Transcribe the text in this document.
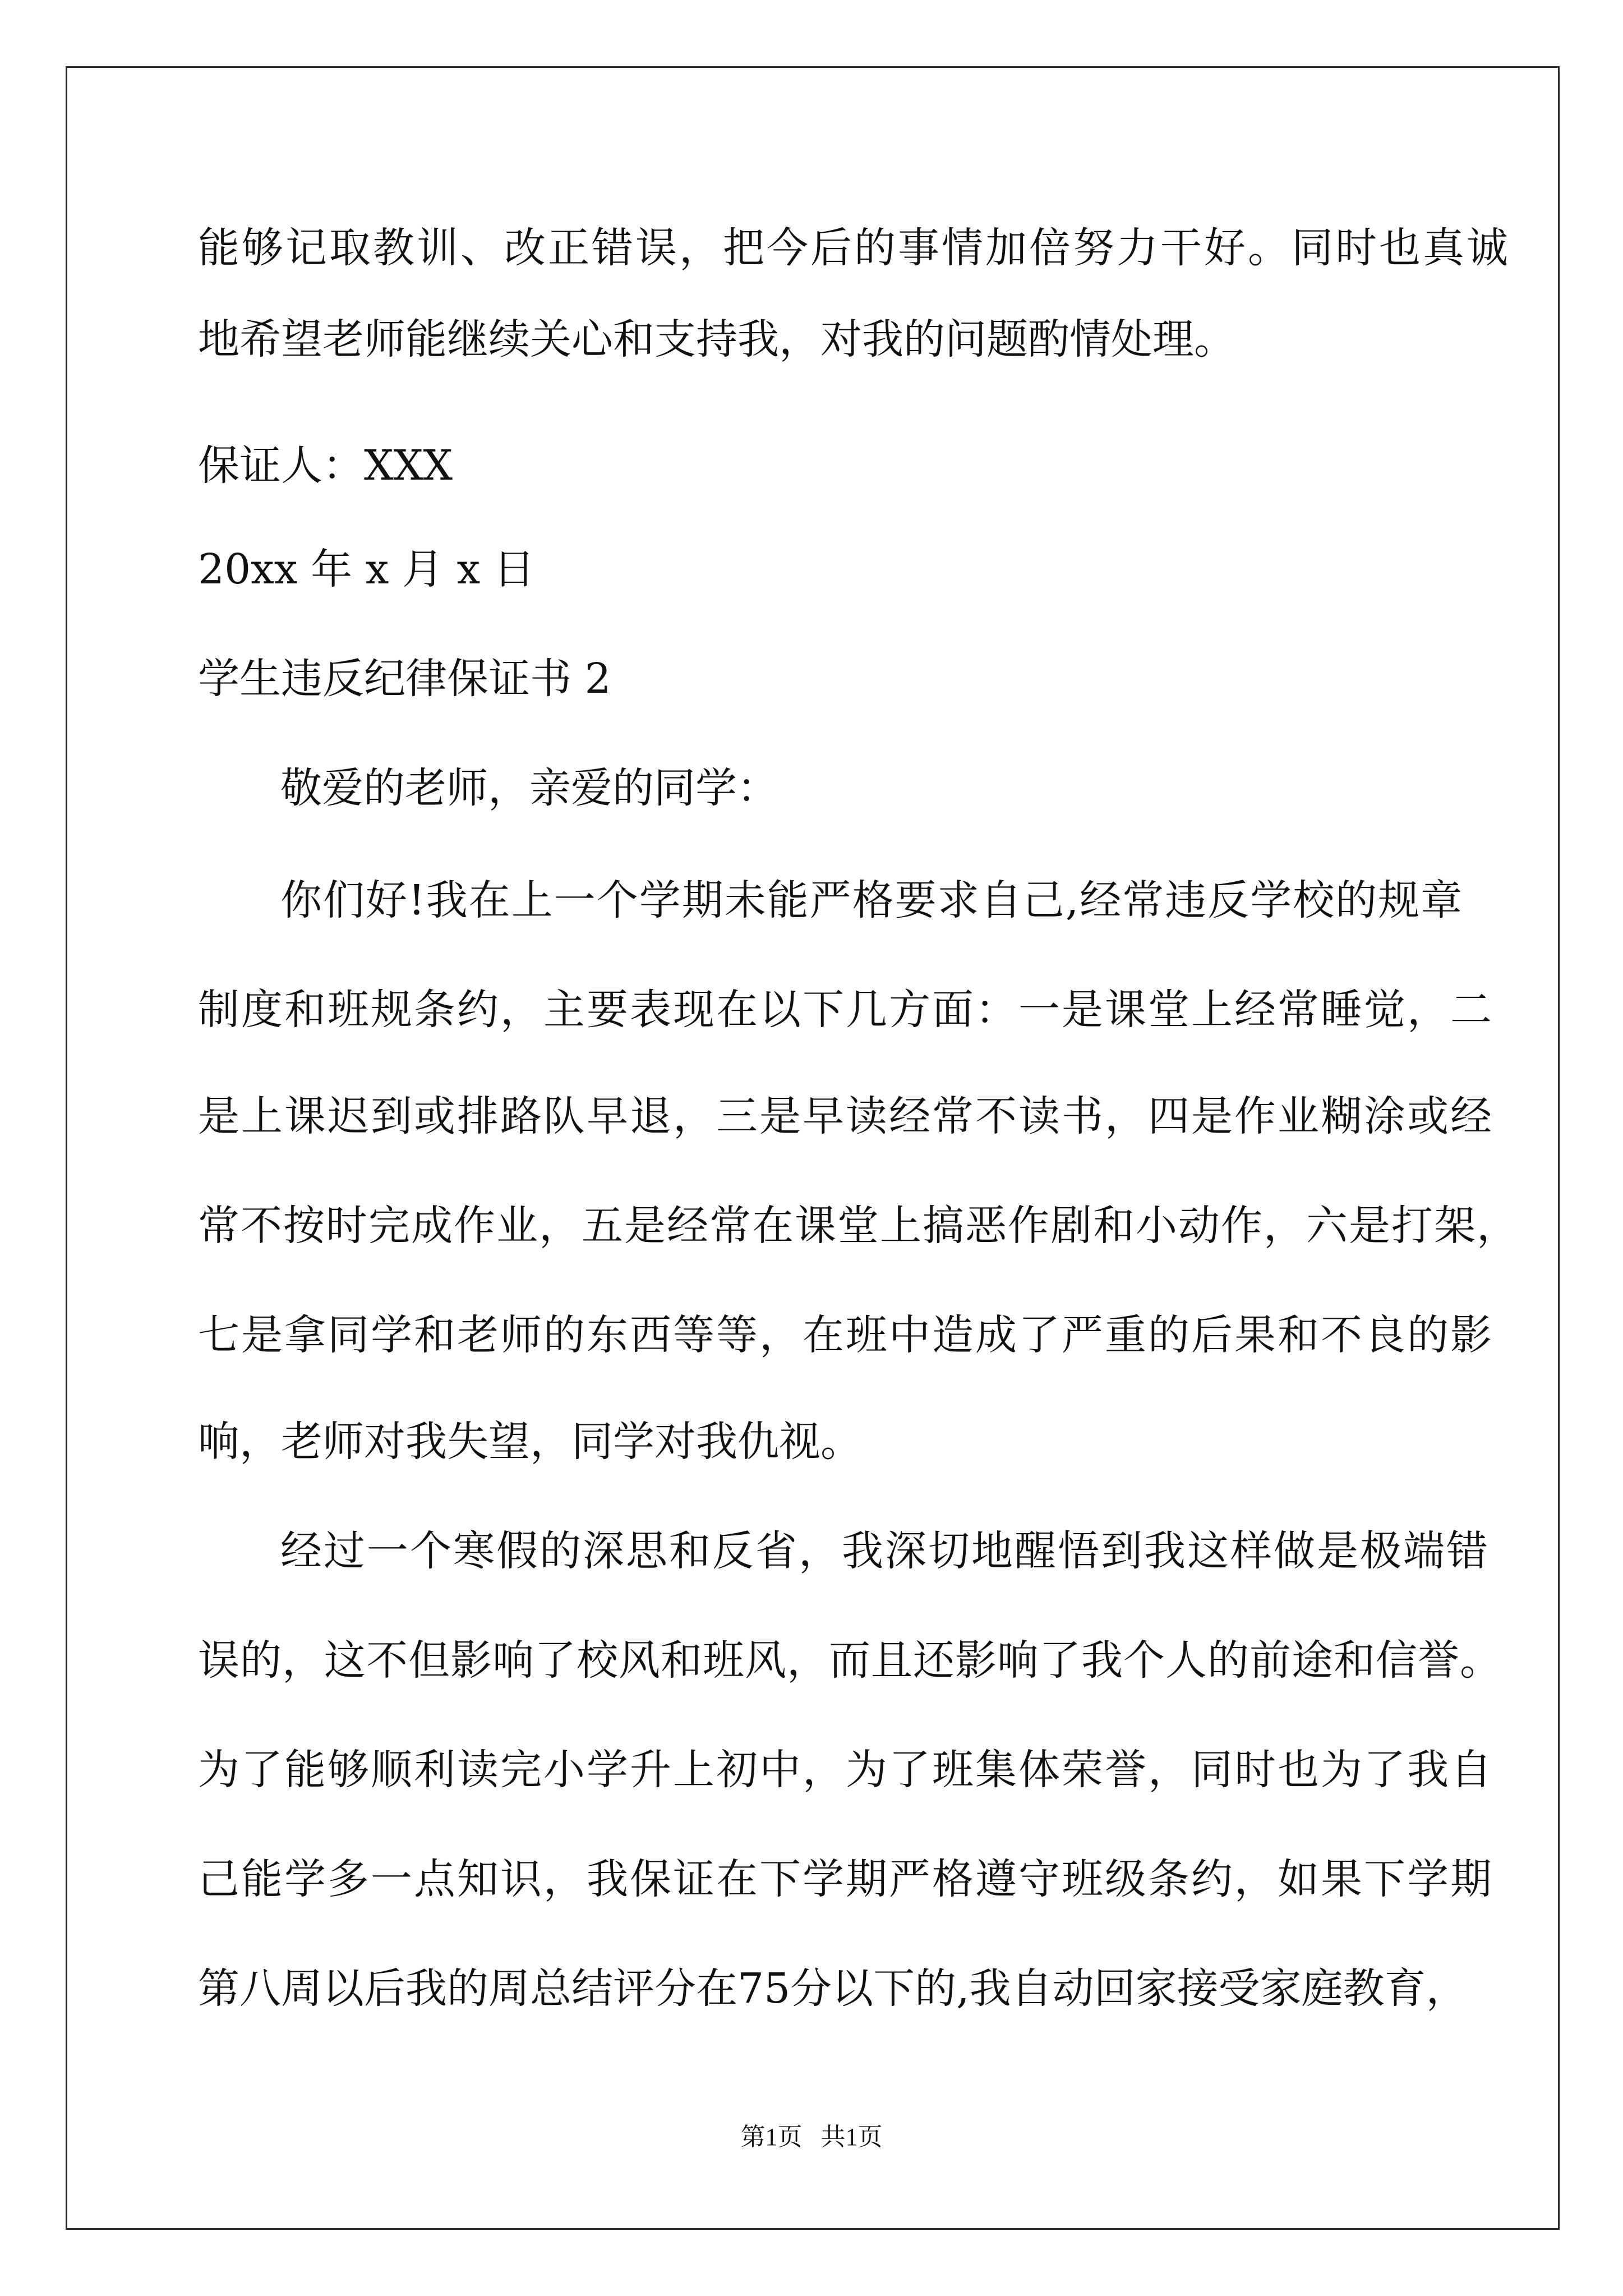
能够记取教训、改正错误，把今后的事情加倍努力干好。同时也真诚

地希望老师能继续关心和支持我，对我的问题酌情处理。

保证人：XXX

20xx 年 x 月 x 日

学生违反纪律保证书 2

敬爱的老师，亲爱的同学：

你们好!我在上一个学期未能严格要求自己,经常违反学校的规章

制度和班规条约，主要表现在以下几方面：一是课堂上经常睡觉，二

是上课迟到或排路队早退，三是早读经常不读书，四是作业糊涂或经

常不按时完成作业，五是经常在课堂上搞恶作剧和小动作，六是打架，

七是拿同学和老师的东西等等，在班中造成了严重的后果和不良的影

响，老师对我失望，同学对我仇视。

经过一个寒假的深思和反省，我深切地醒悟到我这样做是极端错

误的，这不但影响了校风和班风，而且还影响了我个人的前途和信誉。

为了能够顺利读完小学升上初中，为了班集体荣誉，同时也为了我自

己能学多一点知识，我保证在下学期严格遵守班级条约，如果下学期

第八周以后我的周总结评分在75分以下的,我自动回家接受家庭教育，

第1页   共1页
